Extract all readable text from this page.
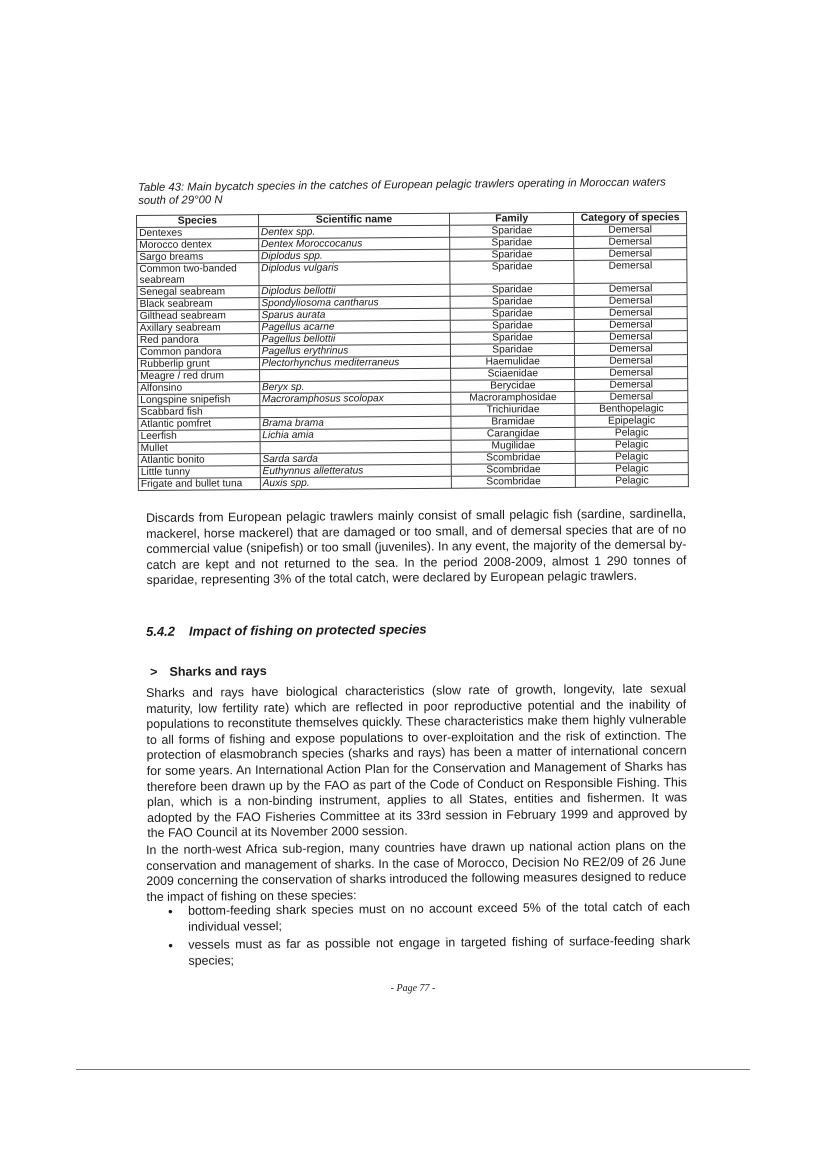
Table 43: Main bycatch species in the catches of European pelagic trawlers operating in Moroccan waters south of 29°00 N
Species	Scientific name	Family	Category of species
Dentexes	Dentex spp.	Sparidae	Demersal
Morocco dentex	Dentex Moroccocanus	Sparidae	Demersal
Sargo breams	Diplodus spp.	Sparidae	Demersal
Common two-banded seabream	Diplodus vulgaris	Sparidae	Demersal
Senegal seabream	Diplodus bellottii	Sparidae	Demersal
Black seabream	Spondyliosoma cantharus	Sparidae	Demersal
Gilthead seabream	Sparus aurata	Sparidae	Demersal
Axillary seabream	Pagellus acarne	Sparidae	Demersal
Red pandora	Pagellus bellottii	Sparidae	Demersal
Common pandora	Pagellus erythrinus	Sparidae	Demersal
Rubberlip grunt	Plectorhynchus mediterraneus	Haemulidae	Demersal
Meagre / red drum		Sciaenidae	Demersal
Alfonsino	Beryx sp.	Berycidae	Demersal
Longspine snipefish	Macroramphosus scolopax	Macroramphosidae	Demersal
Scabbard fish		Trichiuridae	Benthopelagic
Atlantic pomfret	Brama brama	Bramidae	Epipelagic
Leerfish	Lichia amia	Carangidae	Pelagic
Mullet		Mugilidae	Pelagic
Atlantic bonito	Sarda sarda	Scombridae	Pelagic
Little tunny	Euthynnus alletteratus	Scombridae	Pelagic
Frigate and bullet tuna	Auxis spp.	Scombridae	Pelagic
Discards from European pelagic trawlers mainly consist of small pelagic fish (sardine, sardinella, mackerel, horse mackerel) that are damaged or too small, and of demersal species that are of no commercial value (snipefish) or too small (juveniles). In any event, the majority of the demersal by-catch are kept and not returned to the sea. In the period 2008-2009, almost 1 290 tonnes of sparidae, representing 3% of the total catch, were declared by European pelagic trawlers.
5.4.2 Impact of fishing on protected species
> Sharks and rays
Sharks and rays have biological characteristics (slow rate of growth, longevity, late sexual maturity, low fertility rate) which are reflected in poor reproductive potential and the inability of populations to reconstitute themselves quickly. These characteristics make them highly vulnerable to all forms of fishing and expose populations to over-exploitation and the risk of extinction. The protection of elasmobranch species (sharks and rays) has been a matter of international concern for some years. An International Action Plan for the Conservation and Management of Sharks has therefore been drawn up by the FAO as part of the Code of Conduct on Responsible Fishing. This plan, which is a non-binding instrument, applies to all States, entities and fishermen. It was adopted by the FAO Fisheries Committee at its 33rd session in February 1999 and approved by the FAO Council at its November 2000 session.
In the north-west Africa sub-region, many countries have drawn up national action plans on the conservation and management of sharks. In the case of Morocco, Decision No RE2/09 of 26 June 2009 concerning the conservation of sharks introduced the following measures designed to reduce the impact of fishing on these species:
• bottom-feeding shark species must on no account exceed 5% of the total catch of each individual vessel;
• vessels must as far as possible not engage in targeted fishing of surface-feeding shark species;
- Page 77 -
